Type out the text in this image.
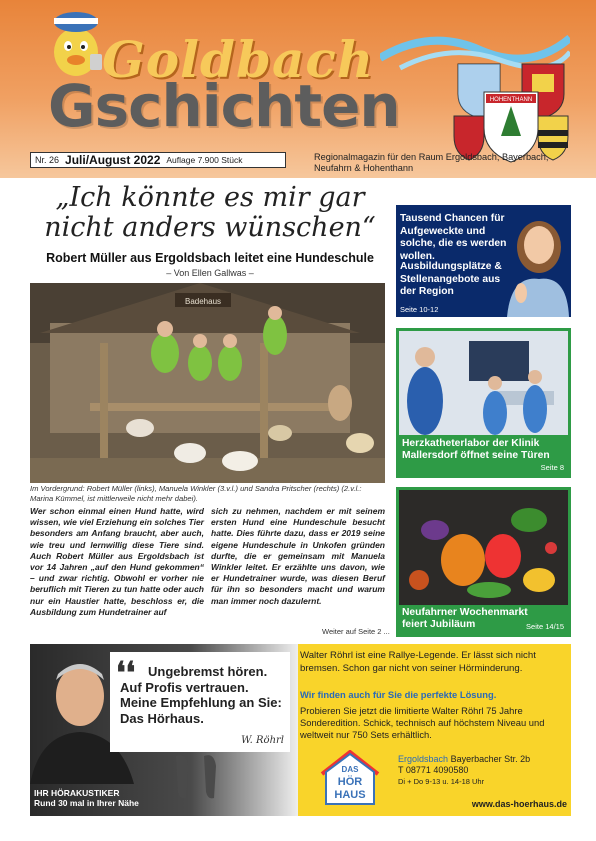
Goldbach
Gschichten	HOHENTHANN
Nr. 26 Juli/August 2022 Auflage 7.900 Stück	Regionalmagazin für den Raum Ergoldsbach, Bayerbach, Neufahrn & Hohenthann
„Ich könnte es mir gar nicht anders wünschen“
Robert Müller aus Ergoldsbach leitet eine Hundeschule
– Von Ellen Gallwas –
Badehaus
Im Vordergrund: Robert Müller (links), Manuela Winkler (3.v.l.) und Sandra Pritscher (rechts) (2.v.l.: Marina Kümmel, ist mittlerweile nicht mehr dabei).
Wer schon einmal einen Hund hatte, wird wissen, wie viel Erziehung ein solches Tier besonders am Anfang braucht, aber auch, wie treu und lernwillig diese Tiere sind. Auch Robert Müller aus Ergoldsbach ist vor 14 Jahren „auf den Hund gekommen“ – und zwar richtig. Obwohl er vorher nie beruflich mit Tieren zu tun hatte oder auch nur ein Haustier hatte, beschloss er, die Ausbildung zum Hundetrainer auf
sich zu nehmen, nachdem er mit seinem ersten Hund eine Hundeschule besucht hatte. Dies führte dazu, dass er 2019 seine eigene Hundeschule in Unkofen gründen durfte, die er gemeinsam mit Manuela Winkler leitet. Er erzählte uns davon, wie er Hundetrainer wurde, was diesen Beruf für ihn so besonders macht und warum man immer noch dazulernt.
Weiter auf Seite 2 ...
Tausend Chancen für Aufgeweckte und solche, die es werden wollen.
Ausbildungsplätze & Stellenangebote aus der Region
Seite 10-12
Herzkatheterlabor der Klinik Mallersdorf öffnet seine Türen
Seite 8
Neufahrner Wochenmarkt feiert Jubiläum	Seite 14/15
❛❛ Ungebremst hören.
Auf Profis vertrauen.
Meine Empfehlung an Sie:
Das Hörhaus.
W. Röhrl
IHR HÖRAKUSTIKER
Rund 30 mal in Ihrer Nähe
Walter Röhrl ist eine Rallye-Legende. Er lässt sich nicht bremsen. Schon gar nicht von seiner Hörminderung.
Wir finden auch für Sie die perfekte Lösung.
Probieren Sie jetzt die limitierte Walter Röhrl 75 Jahre Sonderedition. Schick, technisch auf höchstem Niveau und weltweit nur 750 Sets erhältlich.
DAS
HÖR
HAUS
Ergoldsbach Bayerbacher Str. 2b
T 08771 4090580
Di + Do 9-13 u. 14-18 Uhr
www.das-hoerhaus.de
